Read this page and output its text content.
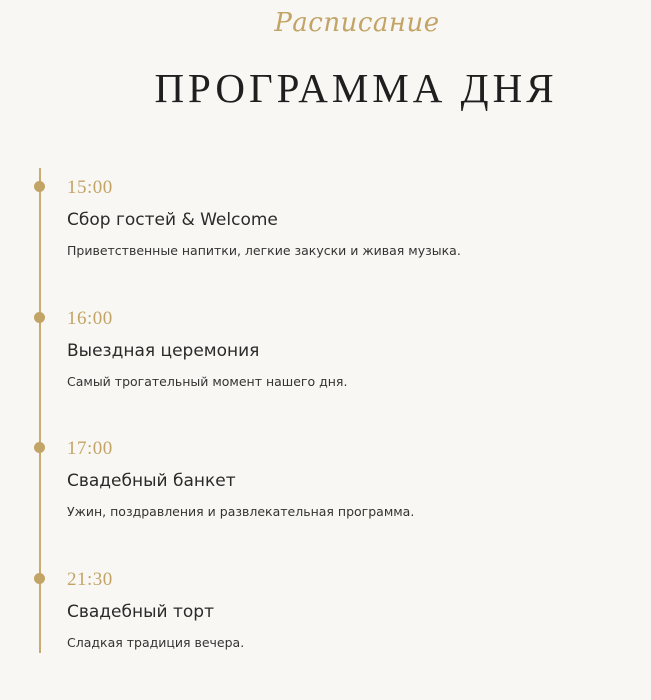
Расписание
ПРОГРАММА ДНЯ
15:00
Сбор гостей & Welcome
Приветственные напитки, легкие закуски и живая музыка.
16:00
Выездная церемония
Самый трогательный момент нашего дня.
17:00
Свадебный банкет
Ужин, поздравления и развлекательная программа.
21:30
Свадебный торт
Сладкая традиция вечера.
